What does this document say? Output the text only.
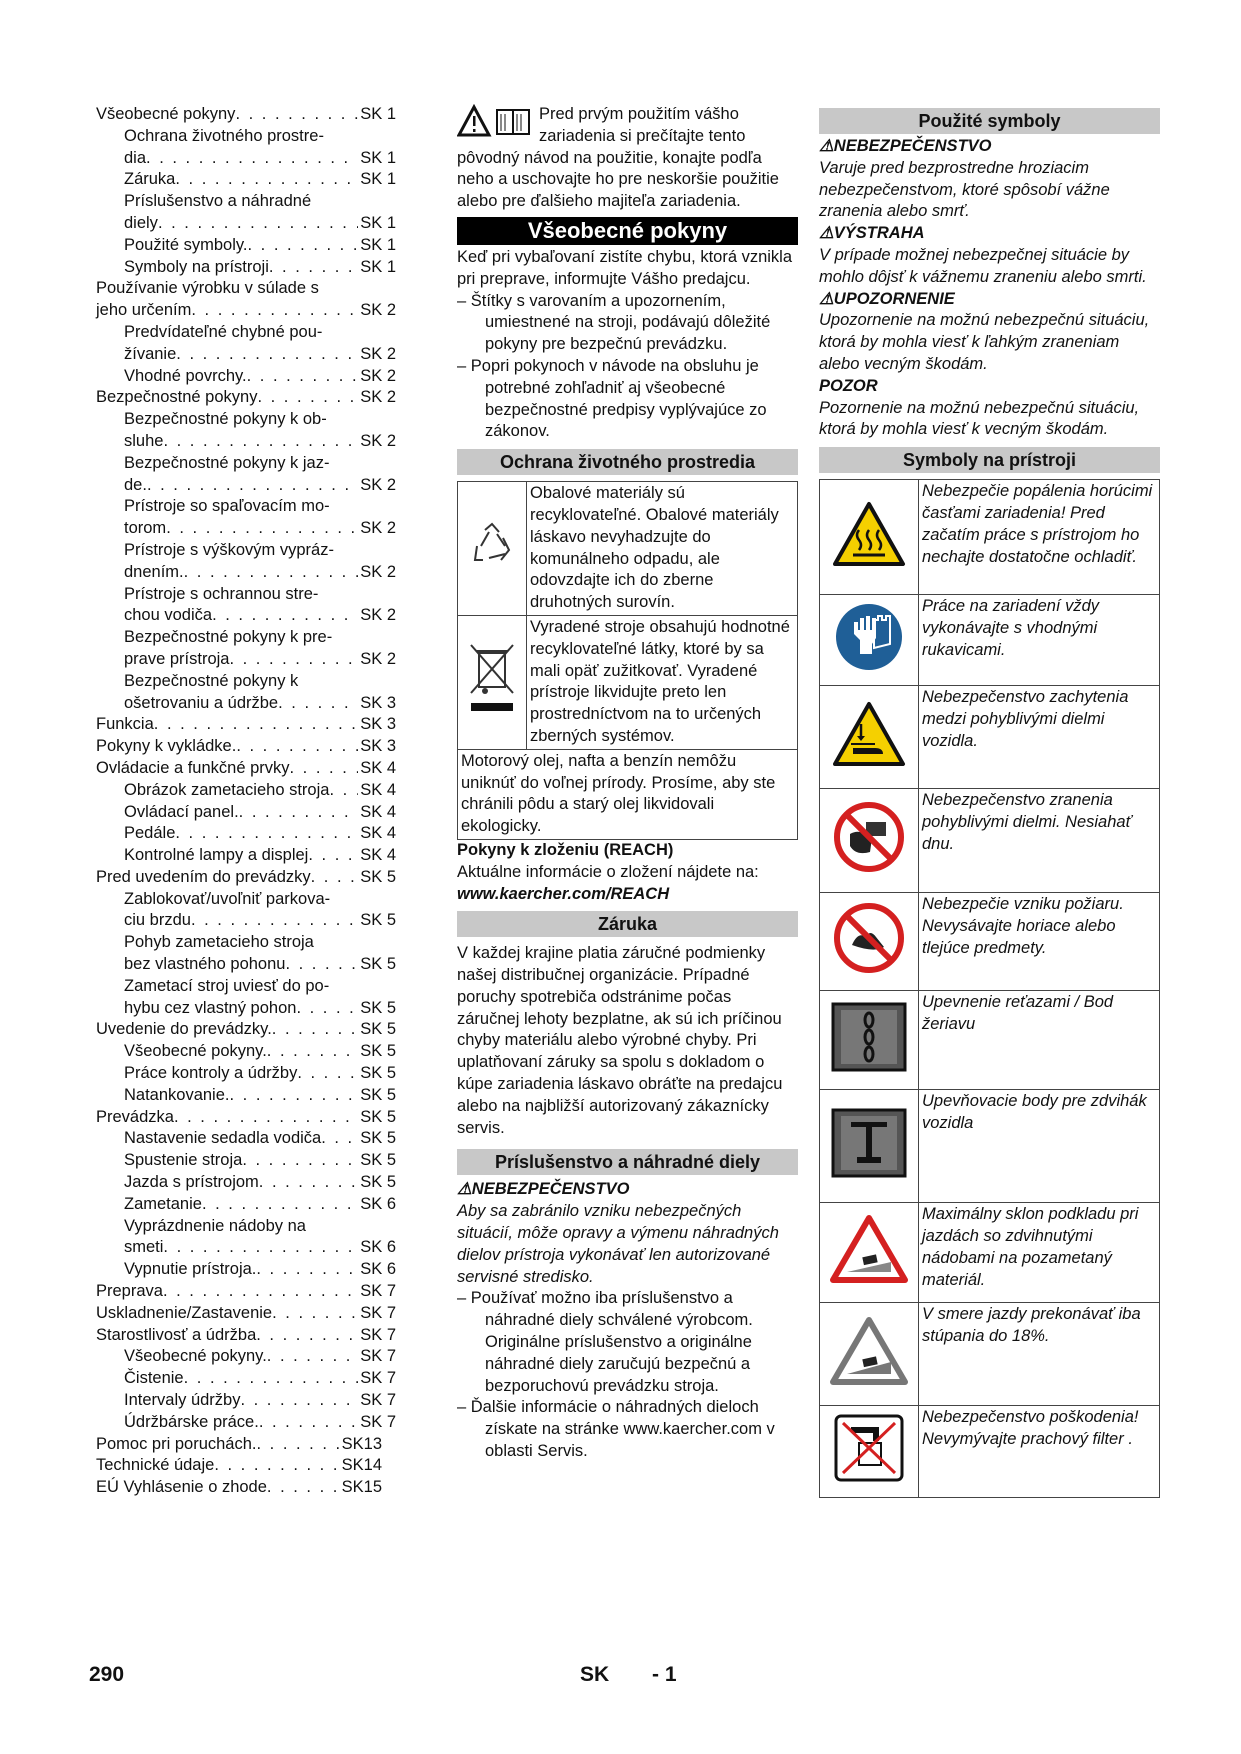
Všeobecné pokyny . . .	SK 1
Ochrana životného prostre-
dia . . .	SK 1
Záruka . . .	SK 1
Príslušenstvo a náhradné
diely . . .	SK 1
Použité symboly. . . .	SK 1
Symboly na prístroji . . .	SK 1
Používanie výrobku v súlade s
jeho určením . . .	SK 2
Predvídateľné chybné pou-
žívanie . . .	SK 2
Vhodné povrchy. . . .	SK 2
Bezpečnostné pokyny . . .	SK 2
Bezpečnostné pokyny k ob-
sluhe . . .	SK 2
Bezpečnostné pokyny k jaz-
de. . . .	SK 2
Prístroje so spaľovacím mo-
torom . . .	SK 2
Prístroje s výškovým vypráz-
dnením. . . .	SK 2
Prístroje s ochrannou stre-
chou vodiča . . .	SK 2
Bezpečnostné pokyny k pre-
prave prístroja . . .	SK 2
Bezpečnostné pokyny k
ošetrovaniu a údržbe . . .	SK 3
Funkcia . . .	SK 3
Pokyny k vykládke. . . .	SK 3
Ovládacie a funkčné prvky . . .	SK 4
Obrázok zametacieho stroja . . . SK 4
Ovládací panel. . . .	SK 4
Pedále . . .	SK 4
Kontrolné lampy a displej . . .	SK 4
Pred uvedením do prevádzky . . .	SK 5
Zablokovať/uvoľniť parkova-
ciu brzdu . . .	SK 5
Pohyb zametacieho stroja
bez vlastného pohonu . . .	SK 5
Zametací stroj uviesť do po-
hybu cez vlastný pohon . . .	SK 5
Uvedenie do prevádzky. . . .	SK 5
Všeobecné pokyny. . . .	SK 5
Práce kontroly a údržby . . .	SK 5
Natankovanie. . . .	SK 5
Prevádzka . . .	SK 5
Nastavenie sedadla vodiča . . . SK 5
Spustenie stroja . . .	SK 5
Jazda s prístrojom . . .	SK 5
Zametanie . . .	SK 6
Vyprázdnenie nádoby na
smeti . . .	SK 6
Vypnutie prístroja. . . .	SK 6
Preprava . . .	SK 7
Uskladnenie/Zastavenie . . .	SK 7
Starostlivosť a údržba . . .	SK 7
Všeobecné pokyny. . . .	SK 7
Čistenie . . .	SK 7
Intervaly údržby . . .	SK 7
Údržbárske práce. . . .	SK 7
Pomoc pri poruchách. . . .	SK 13
Technické údaje . . .	SK 14
EÚ Vyhlásenie o zhode . . .	SK 15

Pred prvým použitím vášho zariadenia si prečítajte tento pôvodný návod na použitie, konajte podľa neho a uschovajte ho pre neskoršie použitie alebo pre ďalšieho majiteľa zariadenia.

Všeobecné pokyny

Keď pri vybaľovaní zistíte chybu, ktorá vznikla pri preprave, informujte Vášho predajcu.

– Štítky s varovaním a upozornením, umiestnené na stroji, podávajú dôležité pokyny pre bezpečnú prevádzku.

– Popri pokynoch v návode na obsluhu je potrebné zohľadniť aj všeobecné bezpečnostné predpisy vyplývajúce zo zákonov.

Ochrana životného prostredia
	Obalové materiály sú recyklovateľné. Obalové materiály láskavo nevyhadzujte do komunálneho odpadu, ale odovzdajte ich do zberne druhotných surovín.
	Vyradené stroje obsahujú hodnotné recyklovateľné látky, ktoré by sa mali opäť zužitkovať. Vyradené prístroje likvidujte preto len prostredníctvom na to určených zberných systémov.
Motorový olej, nafta a benzín nemôžu uniknúť do voľnej prírody. Prosíme, aby ste chránili pôdu a starý olej likvidovali ekologicky.	

Pokyny k zloženiu (REACH)

Aktuálne informácie o zložení nájdete na:

www.kaercher.com/REACH

Záruka

V každej krajine platia záručné podmienky našej distribučnej organizácie. Prípadné poruchy spotrebiča odstránime počas záručnej lehoty bezplatne, ak sú ich príčinou chyby materiálu alebo výrobné chyby. Pri uplatňovaní záruky sa spolu s dokladom o kúpe zariadenia láskavo obráťte na predajcu alebo na najbližší autorizovaný zákaznícky servis.

Príslušenstvo a náhradné diely

⚠NEBEZPEČENSTVO

Aby sa zabránilo vzniku nebezpečných situácií, môže opravy a výmenu náhradných dielov prístroja vykonávať len autorizované servisné stredisko.

– Používať možno iba príslušenstvo a náhradné diely schválené výrobcom. Originálne príslušenstvo a originálne náhradné diely zaručujú bezpečnú a bezporuchovú prevádzku stroja.

– Ďalšie informácie o náhradných dieloch získate na stránke www.kaercher.com v oblasti Servis.

Použité symboly

⚠NEBEZPEČENSTVO

Varuje pred bezprostredne hroziacim nebezpečenstvom, ktoré spôsobí vážne zranenia alebo smrť.

⚠VÝSTRAHA

V prípade možnej nebezpečnej situácie by mohlo dôjsť k vážnemu zraneniu alebo smrti.

⚠UPOZORNENIE

Upozornenie na možnú nebezpečnú situáciu, ktorá by mohla viesť k ľahkým zraneniam alebo vecným škodám.

POZOR

Pozornenie na možnú nebezpečnú situáciu, ktorá by mohla viesť k vecným škodám.

Symboly na prístroji
	Nebezpečie popálenia horúcimi časťami zariadenia! Pred začatím práce s prístrojom ho nechajte dostatočne ochladiť.
	Práce na zariadení vždy vykonávajte s vhodnými rukavicami.
	Nebezpečenstvo zachytenia medzi pohyblivými dielmi vozidla.
	Nebezpečenstvo zranenia pohyblivými dielmi. Nesiahať dnu.
	Nebezpečie vzniku požiaru. Nevysávajte horiace alebo tlejúce predmety.
	Upevnenie reťazami / Bod žeriavu
	Upevňovacie body pre zdvihák vozidla
	Maximálny sklon podkladu pri jazdách so zdvihnutými nádobami na pozametaný materiál.
	V smere jazdy prekonávať iba stúpania do 18%.
	Nebezpečenstvo poškodenia! Nevymývajte prachový filter .
290	SK - 1
